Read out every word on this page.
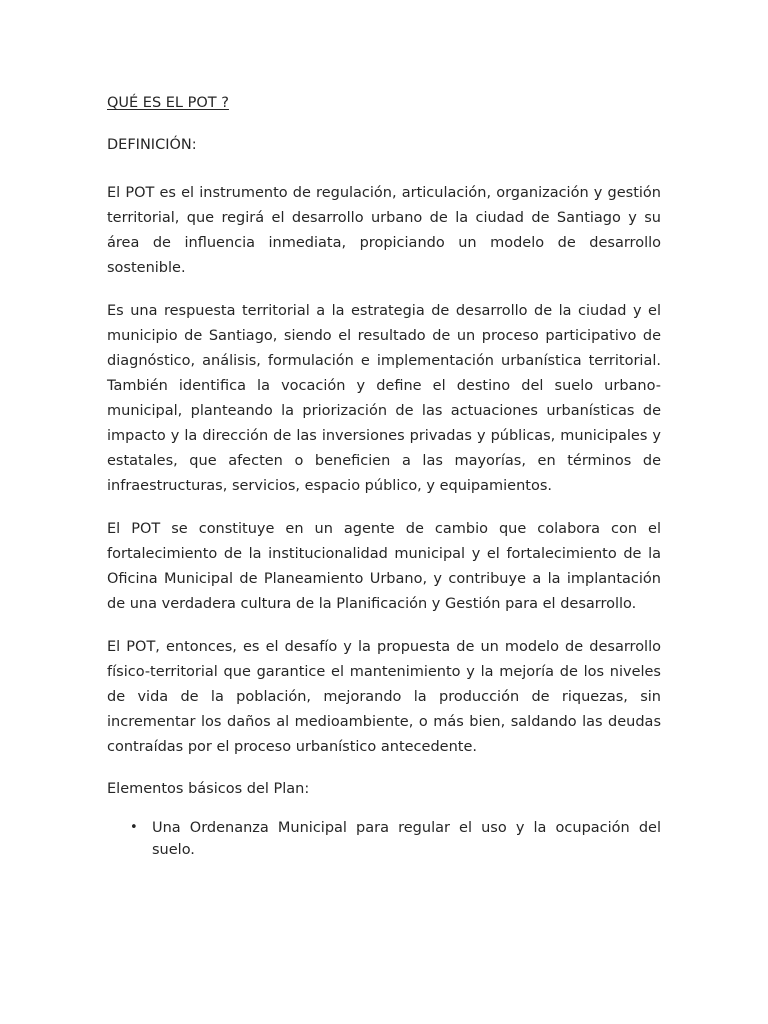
QUÉ ES EL POT ?

DEFINICIÓN:

El POT es el instrumento de regulación, articulación, organización y gestión territorial, que regirá el desarrollo urbano de la ciudad de Santiago y su área de influencia inmediata, propiciando un modelo de desarrollo sostenible.

Es una respuesta territorial a la estrategia de desarrollo de la ciudad y el municipio de Santiago, siendo el resultado de un proceso participativo de diagnóstico, análisis, formulación e implementación urbanística territorial. También identifica la vocación y define el destino del suelo urbano-municipal, planteando la priorización de las actuaciones urbanísticas de impacto y la dirección de las inversiones privadas y públicas, municipales y estatales, que afecten o beneficien a las mayorías, en términos de infraestructuras, servicios, espacio público, y equipamientos.

El POT se constituye en un agente de cambio que colabora con el fortalecimiento de la institucionalidad municipal y el fortalecimiento de la Oficina Municipal de Planeamiento Urbano, y contribuye a la implantación de una verdadera cultura de la Planificación y Gestión para el desarrollo.

El POT, entonces, es el desafío y la propuesta de un modelo de desarrollo físico-territorial que garantice el mantenimiento y la mejoría de los niveles de vida de la población, mejorando la producción de riquezas, sin incrementar los daños al medioambiente, o más bien, saldando las deudas contraídas por el proceso urbanístico antecedente.

Elementos básicos del Plan:

• Una Ordenanza Municipal para regular el uso y la ocupación del suelo.
